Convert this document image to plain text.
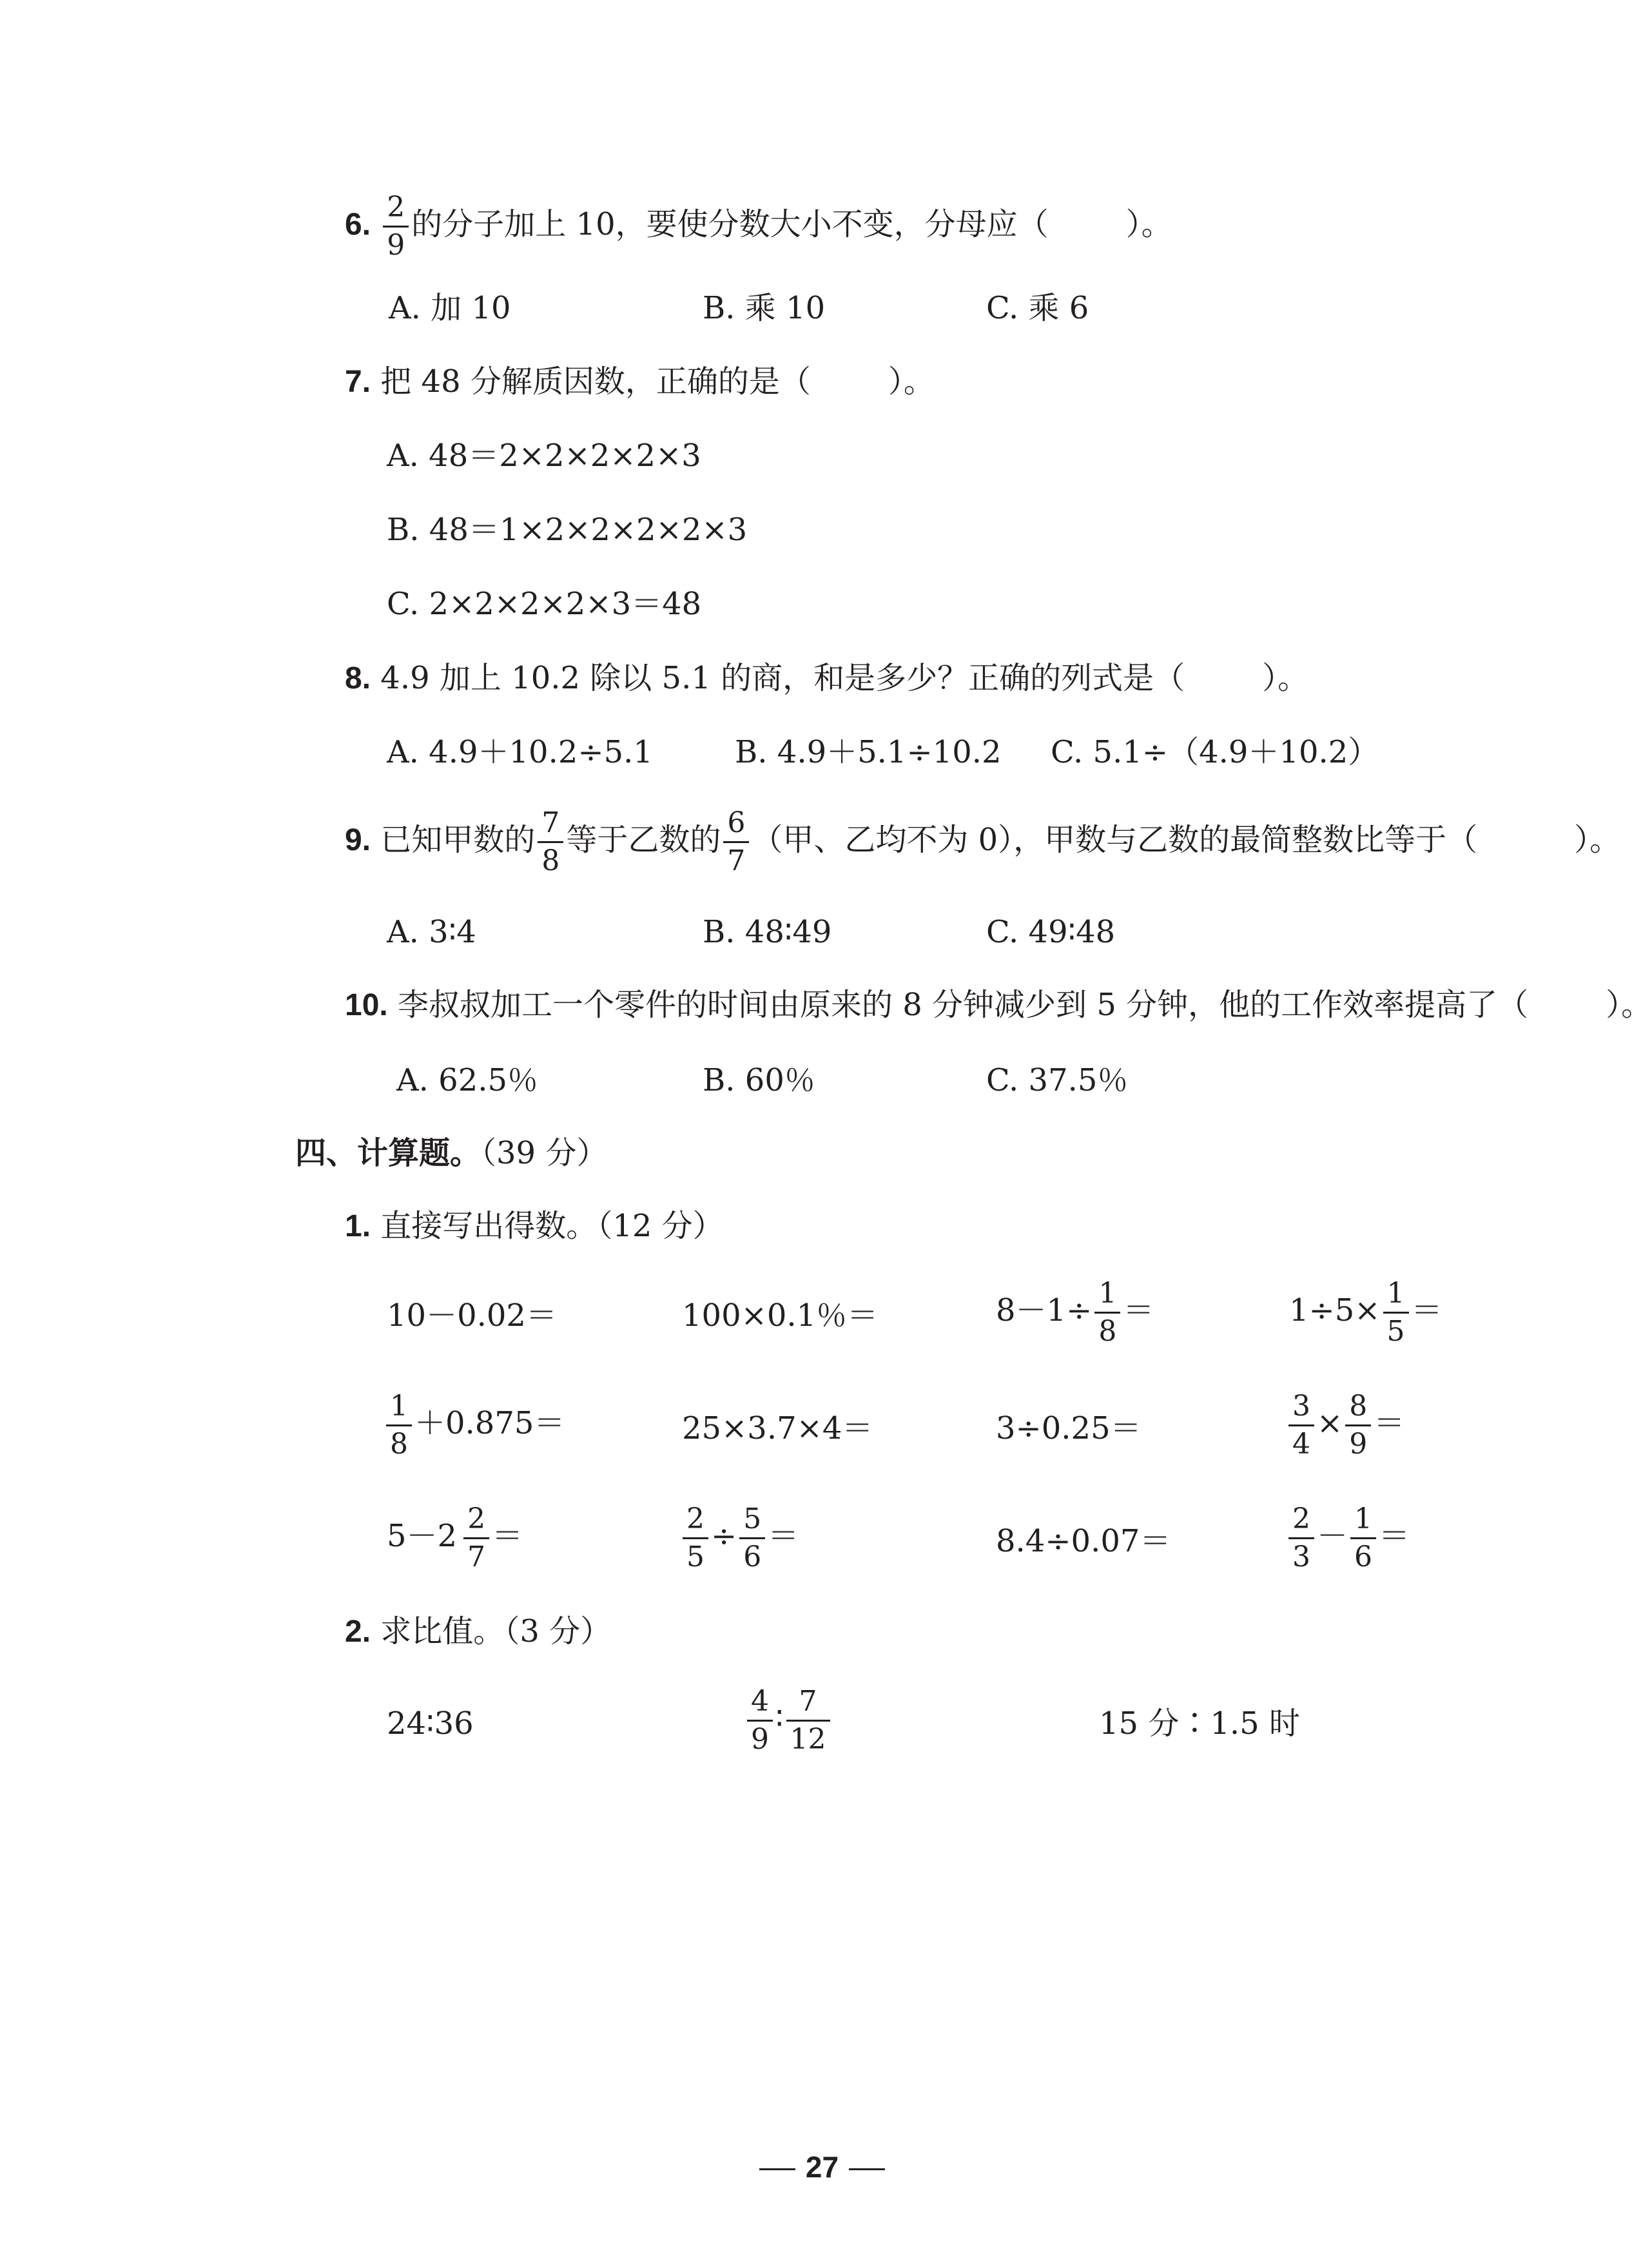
6. $\frac{2}{9}$ 的分子加上 10，要使分数大小不变，分母应（	）。
A. 加 10	B. 乘 10	C. 乘 6
7. 把 48 分解质因数，正确的是（	）。
A. 48＝2×2×2×2×3
B. 48＝1×2×2×2×2×3
C. 2×2×2×2×3＝48
8. 4.9 加上 10.2 除以 5.1 的商，和是多少？正确的列式是（	）。
A. 4.9＋10.2÷5.1	B. 4.9＋5.1÷10.2 C. 5.1÷（4.9＋10.2）
9. 已知甲数的 $\frac{7}{8}$ 等于乙数的 $\frac{6}{7}$ （甲、乙均不为 0），甲数与乙数的最简整数比等于（	）。
A. 3∶4	B. 48∶49	C. 49∶48
10. 李叔叔加工一个零件的时间由原来的 8 分钟减少到 5 分钟，他的工作效率提高了（	）。
A. 62.5％	B. 60％	C. 37.5％
四、计算题。（39 分）
1. 直接写出得数。（12 分）
10－0.02＝	100×0.1％＝	$8-1\div \frac{1}{8}$ ＝	$1\div 5\times \frac{1}{5}$ ＝
$\frac{1}{8} +0.875=$	25×3.7×4＝	3÷0.25＝	$\frac{3}{4} \times \frac{8}{9}$ ＝
$5-2 \frac{2}{7}$ ＝	$\frac{2}{5} \div \frac{5}{6}$ ＝	8.4÷0.07＝	$\frac{2}{3} - \frac{1}{6}$ ＝
2. 求比值。（3 分）
24∶36	$\frac{4}{9}$ ∶ $\frac{7}{12}$	15 分∶1.5 时
27
